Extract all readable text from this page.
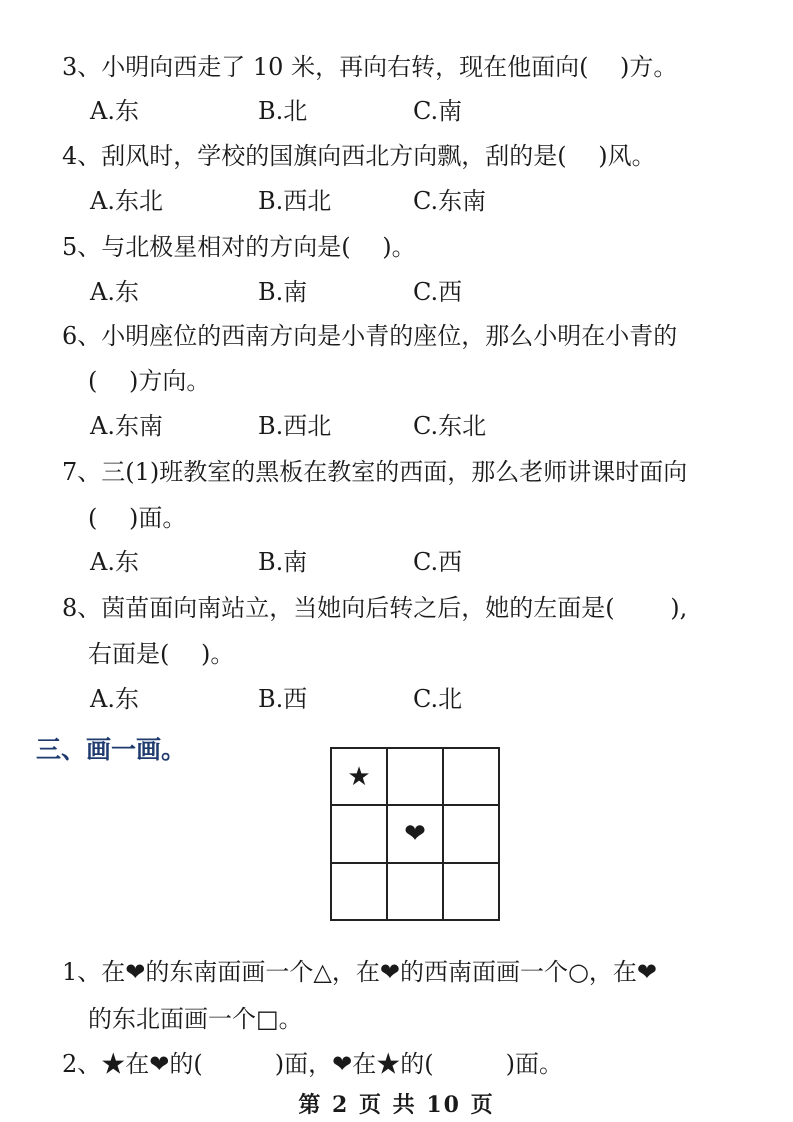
3、小明向西走了 10 米，再向右转，现在他面向(　 )方。
A.东	B.北	C.南
4、刮风时，学校的国旗向西北方向飘，刮的是(　 )风。
A.东北	B.西北	C.东南
5、与北极星相对的方向是(　 )。
A.东	B.南	C.西
6、小明座位的西南方向是小青的座位，那么小明在小青的
(　 )方向。
A.东南	B.西北	C.东北
7、三(1)班教室的黑板在教室的西面，那么老师讲课时面向
(　 )面。
A.东	B.南	C.西
8、茵苗面向南站立，当她向后转之后，她的左面是(　　 ),
右面是(　 )。
A.东	B.西	C.北
三、画一画。
★
❤
1、在❤的东南面画一个△，在❤的西南面画一个○，在❤
的东北面画一个□。
2、★在❤的(　　　)面，❤在★的(　　　)面。
第 2 页 共 10 页
